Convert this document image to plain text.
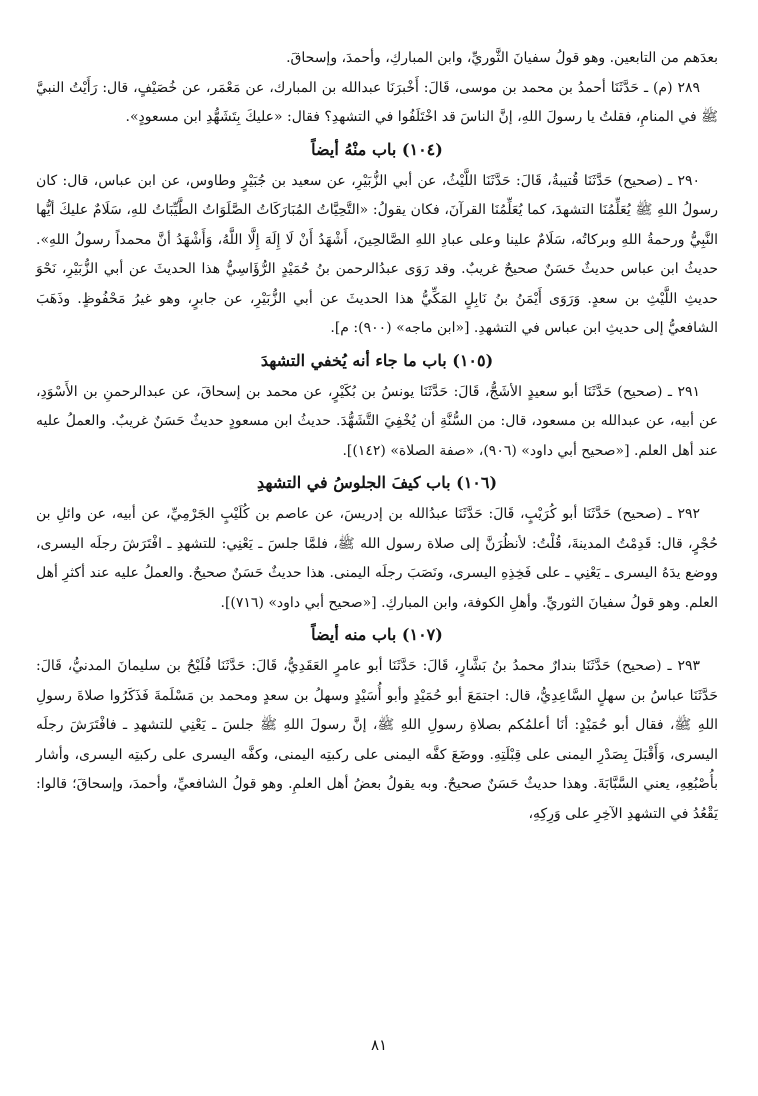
بعدَهم من التابعين. وهو قولُ سفيانَ الثَّوريِّ، وابن المباركِ، وأحمدَ، وإسحاقَ.

٢٨٩ (م) ـ حَدَّثَنَا أحمدُ بن محمد بن موسى، قَالَ: أَخْبرَنَا عبدالله بن المبارك، عن مَعْمَر، عن خُصَيْفٍ، قال: رَأَيْتُ النبيَّ ﷺ في المنامِ، فقلتُ يا رسولَ اللهِ، إنَّ الناسَ قد اخْتَلَفُوا في التشهدِ؟ فقال: «عليكَ بِتَشَهُّدِ ابن مسعودٍ».

(١٠٤) باب منْهُ أيضاً

٢٩٠ ـ (صحيح) حَدَّثَنَا قُتيبةُ، قَالَ: حَدَّثَنَا اللَّيْثُ، عن أبي الزُّبَيْرِ، عن سعيد بن جُبَيْرٍ وطاوس، عن ابن عباس، قال: كان رسولُ اللهِ ﷺ يُعَلِّمُنَا التشهدَ، كما يُعَلِّمُنَا القرآنَ، فكان يقولُ: «التَّحِيَّاتُ المُبَارَكَاتُ الصَّلَوَاتُ الطَّيِّبَاتُ للهِ، سَلَامٌ عليكَ أيُّها النَّبِيُّ ورحمةُ اللهِ وبركاتُه، سَلَامٌ علينا وعلى عبادِ اللهِ الصَّالحِينَ، أَشْهَدُ أَنْ لَا إِلَهَ إِلَّا اللَّهُ، وَأَشْهَدُ أنَّ محمداً رسولُ اللهِ». حديثُ ابن عباس حديثٌ حَسَنٌ صحيحٌ غريبٌ. وقد رَوَى عبدُالرحمن بنُ حُمَيْدٍ الرُّؤَاسِيُّ هذا الحديثَ عن أبي الزُّبَيْرِ، نَحْوَ حديثِ اللَّيْثِ بن سعدٍ. وَرَوَى أَيْمَنُ بنُ نَابِلٍ المَكِّيُّ هذا الحديثَ عن أبي الزُّبَيْرِ، عن جابرٍ، وهو غيرُ مَحْفُوظٍ. وذَهَبَ الشافعيُّ إلى حديثِ ابن عباس في التشهدِ. [«ابن ماجه» (٩٠٠): م].

(١٠٥) باب ما جاء أنه يُخفي التشهدَ

٢٩١ ـ (صحيح) حَدَّثَنَا أبو سعيدٍ الأشَجُّ، قَالَ: حَدَّثَنَا يونسُ بن بُكَيْرٍ، عن محمد بن إسحاقَ، عن عبدالرحمنِ بن الأَسْوَدِ، عن أبيه، عن عبدالله بن مسعود، قال: من السُّنَّةِ أن يُخْفِيَ التَّشَهُّدَ. حديثُ ابن مسعودٍ حديثٌ حَسَنٌ غريبٌ. والعملُ عليه عند أهل العلم. [«صحيح أبي داود» (٩٠٦)، «صفة الصلاة» (١٤٢)].

(١٠٦) باب كيفَ الجلوسُ في التشهدِ

٢٩٢ ـ (صحيح) حَدَّثَنَا أبو كُرَيْبٍ، قَالَ: حَدَّثَنَا عبدُالله بن إدريسَ، عن عاصم بن كُلَيْبٍ الجَرْمِيِّ، عن أبيه، عن وائلِ بن حُجْرٍ، قال: قَدِمْتُ المدينةَ، قُلْتُ: لأنظُرَنَّ إلى صلاة رسول الله ﷺ، فلمَّا جلسَ ـ يَعْنِي: للتشهدِ ـ افْتَرَشَ رجلَه اليسرى، ووضع يدَهُ اليسرى ـ يَعْنِي ـ على فَخِذِهِ اليسرى، ونَصَبَ رجلَه اليمنى. هذا حديثٌ حَسَنٌ صحيحٌ. والعملُ عليه عند أكثرِ أهل العلم. وهو قولُ سفيانَ الثوريِّ. وأهلِ الكوفة، وابن المباركِ. [«صحيح أبي داود» (٧١٦)].

(١٠٧) باب منه أيضاً

٢٩٣ ـ (صحيح) حَدَّثَنَا بندارٌ محمدُ بنُ بَشَّارٍ، قَالَ: حَدَّثَنَا أبو عامرٍ العَقَدِيُّ، قَالَ: حَدَّثَنَا فُلَيْحُ بن سليمانَ المدنيُّ، قَالَ: حَدَّثَنَا عباسُ بن سهلٍ السَّاعِدِيُّ، قال: اجتمَعَ أبو حُمَيْدٍ وأبو أُسَيْدٍ وسهلُ بن سعدٍ ومحمد بن مَسْلَمةَ فَذَكَرُوا صلاةَ رسولِ اللهِ ﷺ، فقال أبو حُمَيْدٍ: أنَا أعلمُكم بصلاةِ رسولِ اللهِ ﷺ، إنَّ رسولَ اللهِ ﷺ جلسَ ـ يَعْنِي للتشهدِ ـ فافْتَرَشَ رجلَه اليسرى، وَأَقْبَلَ بِصَدْرِ اليمنى على قِبْلَتِهِ. ووضَعَ كفَّه اليمنى على ركبتِه اليمنى، وكفَّه اليسرى على ركبتِه اليسرى، وأشار بأُصْبُعِهِ، يعني السَّبَّابَةَ. وهذا حديثٌ حَسَنٌ صحيحٌ. وبه يقولُ بعضُ أهل العلمِ. وهو قولُ الشافعيِّ، وأحمدَ، وإسحاقَ؛ قالوا: يَقْعُدُ في التشهدِ الآخِرِ على وَرِكِهِ،

٨١
